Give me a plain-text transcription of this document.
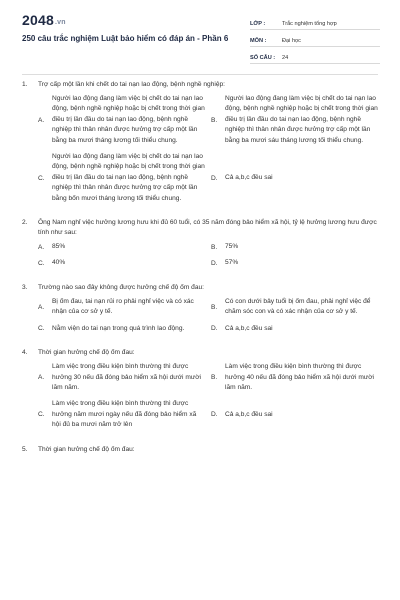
2048.vn
250 câu trắc nghiệm Luật bảo hiểm có đáp án - Phần 6
LỚP :	Trắc nghiệm tổng hợp
MÔN :	Đại học
SỐ CÂU :	24
1.	Trợ cấp một lần khi chết do tai nạn lao động, bệnh nghề nghiệp:
A.
Người lao động đang làm việc bị chết do tai nạn lao động, bệnh nghề nghiệp hoặc bị chết trong thời gian điều trị lần đầu do tai nạn lao động, bệnh nghề nghiệp thì thân nhân được hưởng trợ cấp một lần bằng ba mươi tháng lương tối thiểu chung.
B.
Người lao động đang làm việc bị chết do tai nạn lao động, bệnh nghề nghiệp hoặc bị chết trong thời gian điều trị lần đầu do tai nạn lao động, bệnh nghề nghiệp thì thân nhân được hưởng trợ cấp một lần bằng ba mươi sáu tháng lương tối thiểu chung.
C.
Người lao động đang làm việc bị chết do tai nạn lao động, bệnh nghề nghiệp hoặc bị chết trong thời gian điều trị lần đầu do tai nạn lao động, bệnh nghề nghiệp thì thân nhân được hưởng trợ cấp một lần bằng bốn mươi tháng lương tối thiểu chung.
D.	Cả a,b,c đều sai
2.	Ông Nam nghỉ việc hưởng lương hưu khi đủ 60 tuổi, có 35 năm đóng bảo hiểm xã hội, tỷ lệ hưởng lương hưu được tính như sau:
A.	85%	B.	75%
C.	40%	D.	57%
3.	Trường nào sao đây không được hưởng chế độ ốm đau:
A.
Bị ốm đau, tai nạn rủi ro phải nghỉ việc và có xác nhận của cơ sở y tế.
B.
Có con dưới bảy tuổi bị ốm đau, phải nghỉ việc để chăm sóc con và có xác nhận của cơ sở y tế.
C.	Nằm viện do tai nạn trong quá trình lao động.	D.	Cả a,b,c đều sai
4.	Thời gian hưởng chế độ ốm đau:
A.
Làm việc trong điều kiện bình thường thì được hưởng 30 nếu đã đóng bảo hiểm xã hội dưới mười lăm năm.
B.
Làm việc trong điều kiện bình thường thì được hưởng 40 nếu đã đóng bảo hiểm xã hội dưới mười lăm năm.
C.
Làm việc trong điều kiện bình thường thì được hưởng năm mươi ngày nếu đã đóng bảo hiểm xã hội đủ ba mươi năm trở lên
D.	Cả a,b,c đều sai
5.	Thời gian hưởng chế độ ốm đau:
